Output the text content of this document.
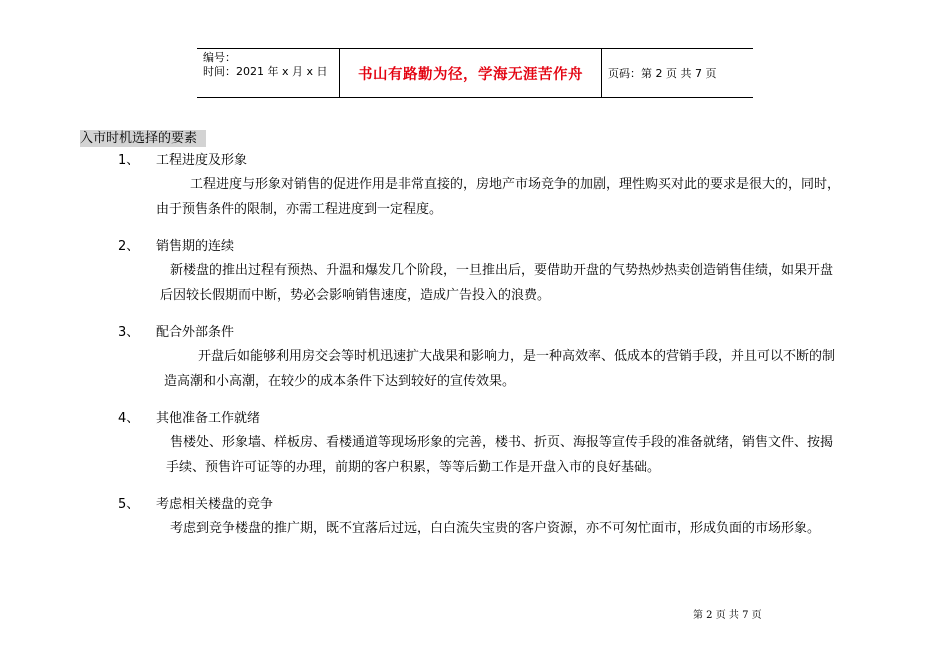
编号：
时间：2021 年 x 月 x 日	书山有路勤为径，学海无涯苦作舟 页码：第 2 页 共 7 页
入市时机选择的要素
1、 工程进度及形象
工程进度与形象对销售的促进作用是非常直接的，房地产市场竞争的加剧，理性购买对此的要求是很大的，同时，
由于预售条件的限制，亦需工程进度到一定程度。
2、 销售期的连续
新楼盘的推出过程有预热、升温和爆发几个阶段，一旦推出后，要借助开盘的气势热炒热卖创造销售佳绩，如果开盘
后因较长假期而中断，势必会影响销售速度，造成广告投入的浪费。
3、 配合外部条件
开盘后如能够利用房交会等时机迅速扩大战果和影响力，是一种高效率、低成本的营销手段，并且可以不断的制
造高潮和小高潮，在较少的成本条件下达到较好的宣传效果。
4、 其他准备工作就绪
售楼处、形象墙、样板房、看楼通道等现场形象的完善，楼书、折页、海报等宣传手段的准备就绪，销售文件、按揭
手续、预售许可证等的办理，前期的客户积累，等等后勤工作是开盘入市的良好基础。
5、 考虑相关楼盘的竞争
考虑到竞争楼盘的推广期，既不宜落后过远，白白流失宝贵的客户资源，亦不可匆忙面市，形成负面的市场形象。
第 2 页 共 7 页
